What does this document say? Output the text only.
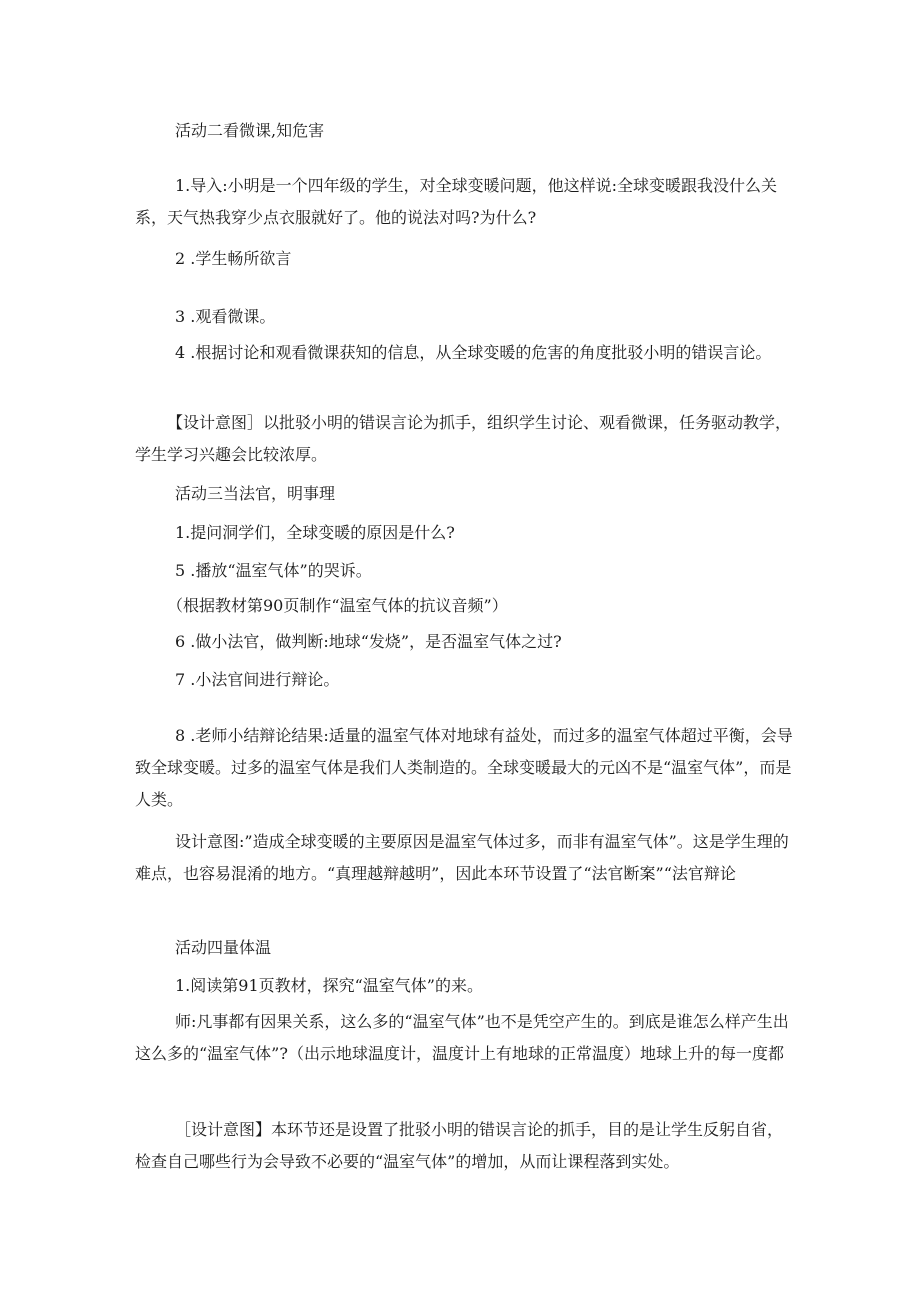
活动二看微课,知危害

1.导入:小明是一个四年级的学生，对全球变暖问题，他这样说:全球变暖跟我没什么关系，天气热我穿少点衣服就好了。他的说法对吗?为什么?

2 .学生畅所欲言

3 .观看微课。

4 .根据讨论和观看微课获知的信息，从全球变暖的危害的角度批驳小明的错误言论。

【设计意图］以批驳小明的错误言论为抓手，组织学生讨论、观看微课，任务驱动教学，学生学习兴趣会比较浓厚。

活动三当法官，明事理

1.提问洞学们，全球变暖的原因是什么?

5 .播放“温室气体”的哭诉。

（根据教材第90页制作“温室气体的抗议音频”）

6 .做小法官，做判断:地球“发烧”，是否温室气体之过?

7 .小法官间进行辩论。

8 .老师小结辩论结果:适量的温室气体对地球有益处，而过多的温室气体超过平衡，会导致全球变暖。过多的温室气体是我们人类制造的。全球变暖最大的元凶不是“温室气体”，而是人类。

设计意图:”造成全球变暖的主要原因是温室气体过多，而非有温室气体”。这是学生理的难点，也容易混淆的地方。“真理越辩越明”，因此本环节设置了“法官断案”“法官辩论

活动四量体温

1.阅读第91页教材，探究“温室气体”的来。

师:凡事都有因果关系，这么多的“温室气体”也不是凭空产生的。到底是谁怎么样产生出这么多的“温室气体”?（出示地球温度计，温度计上有地球的正常温度）地球上升的每一度都

［设计意图】本环节还是设置了批驳小明的错误言论的抓手，目的是让学生反躬自省，检查自己哪些行为会导致不必要的“温室气体”的增加，从而让课程落到实处。
